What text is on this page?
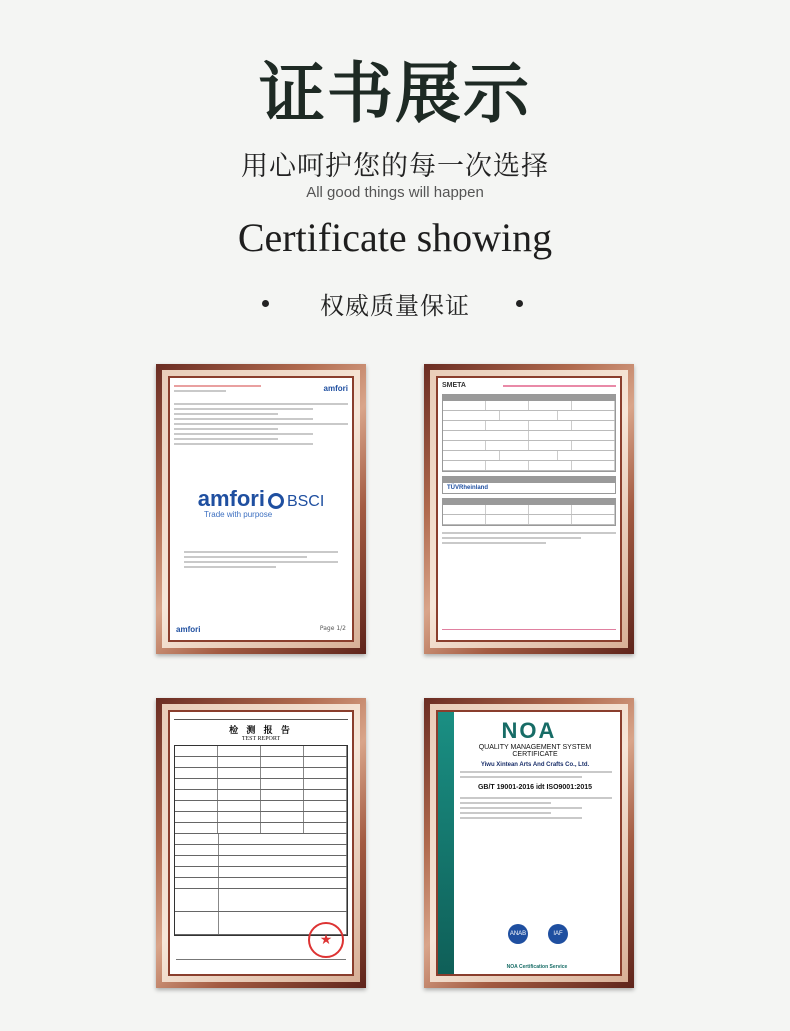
证书展示
用心呵护您的每一次选择
All good things will happen
Certificate showing
权威质量保证
amfori
amfori BSCI
Trade with purpose
amfori	Page 1/2
SMETA
TÜVRheinland
检 测 报 告
TEST REPORT
★
NOA
QUALITY MANAGEMENT SYSTEM
CERTIFICATE
Yiwu Xintean Arts And Crafts Co., Ltd.
GB/T 19001-2016 idt ISO9001:2015
ANAB	IAF
NOA Certification Service
